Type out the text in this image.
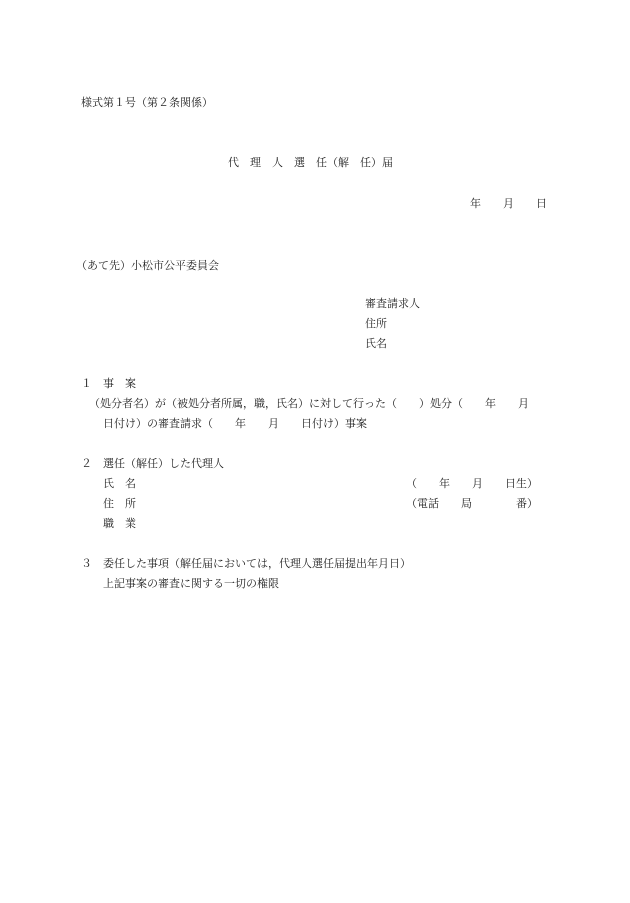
様式第１号（第２条関係）
代　理　人　選　任（解　任）届
年　　月　　日
（あて先）小松市公平委員会
審査請求人
住所
氏名
１　事　案
（処分者名）が（被処分者所属，職，氏名）に対して行った（　　）処分（　　年　　月
日付け）の審査請求（　　年　　月　　日付け）事案
２　選任（解任）した代理人
氏　名	（　　年　　月　　日生）
住　所	（電話　　局　　　　番）
職　業
３　委任した事項（解任届においては，代理人選任届提出年月日）
上記事案の審査に関する一切の権限
